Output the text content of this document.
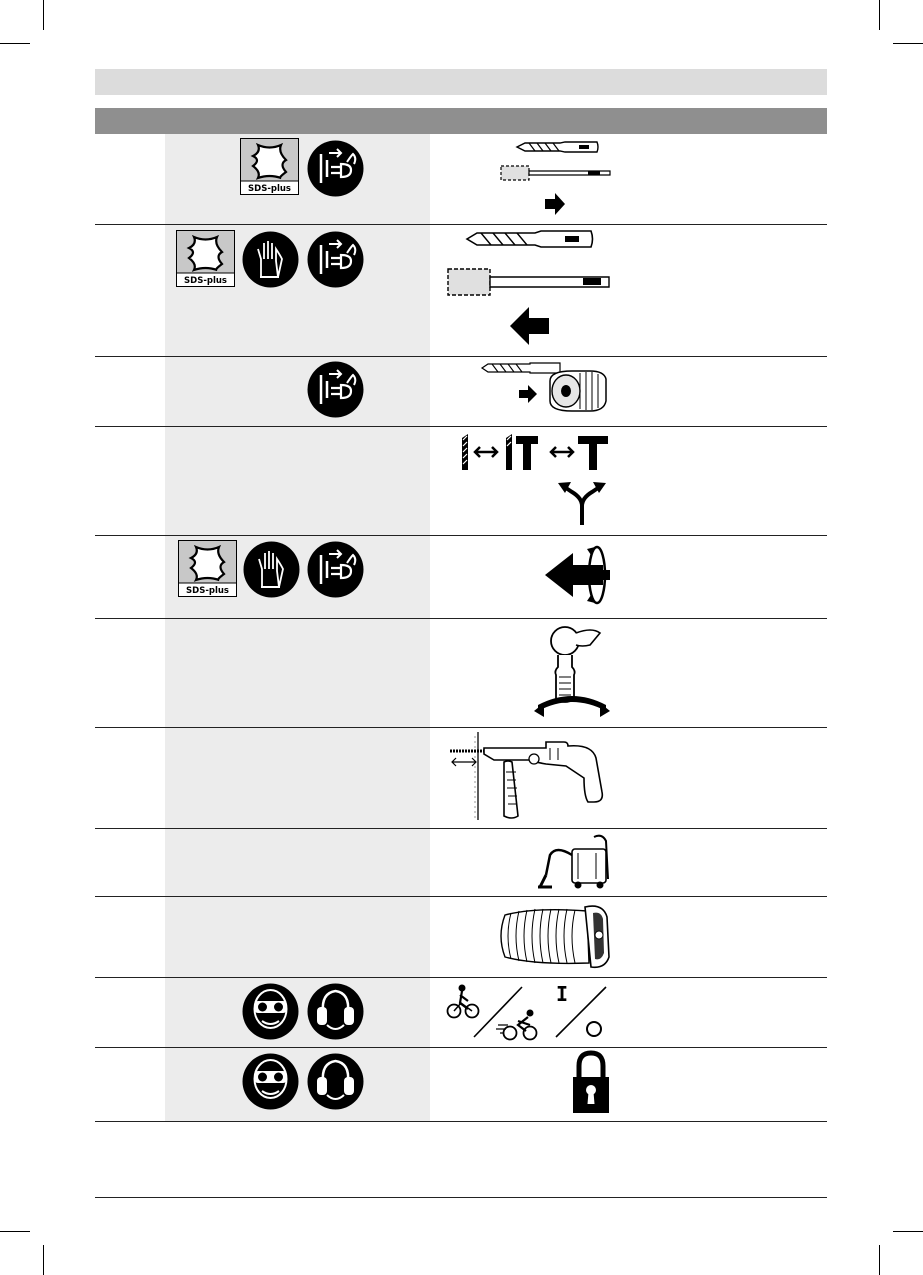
SDS-plus
SDS-plus
SDS-plus
I
